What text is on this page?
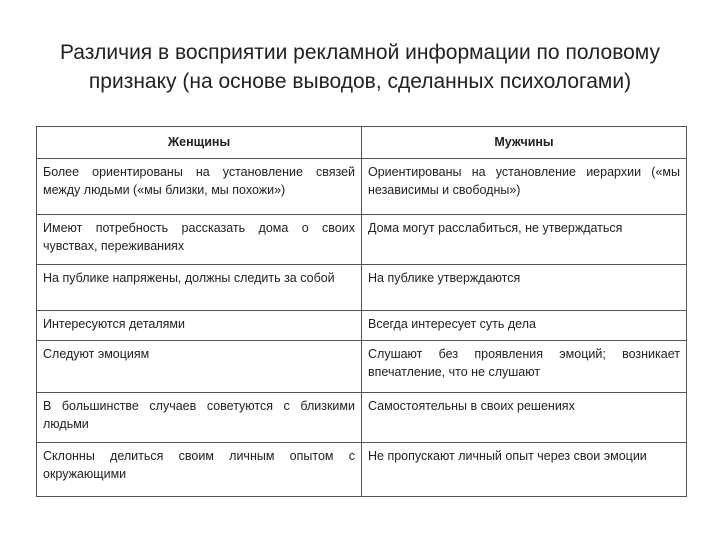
Различия в восприятии рекламной информации по половому признаку (на основе выводов, сделанных психологами)
Женщины	Мужчины
Более ориентированы на установление связей между людьми («мы близки, мы похожи»)	Ориентированы на установление иерархии («мы независимы и свободны»)
Имеют потребность рассказать дома о своих чувствах, переживаниях	Дома могут расслабиться, не утверждаться
На публике напряжены, должны следить за собой	На публике утверждаются
Интересуются деталями	Всегда интересует суть дела
Следуют эмоциям	Слушают без проявления эмоций; возникает впечатление, что не слушают
В большинстве случаев советуются с близкими людьми	Самостоятельны в своих решениях
Склонны делиться своим личным опытом с окружающими	Не пропускают личный опыт через свои эмоции
